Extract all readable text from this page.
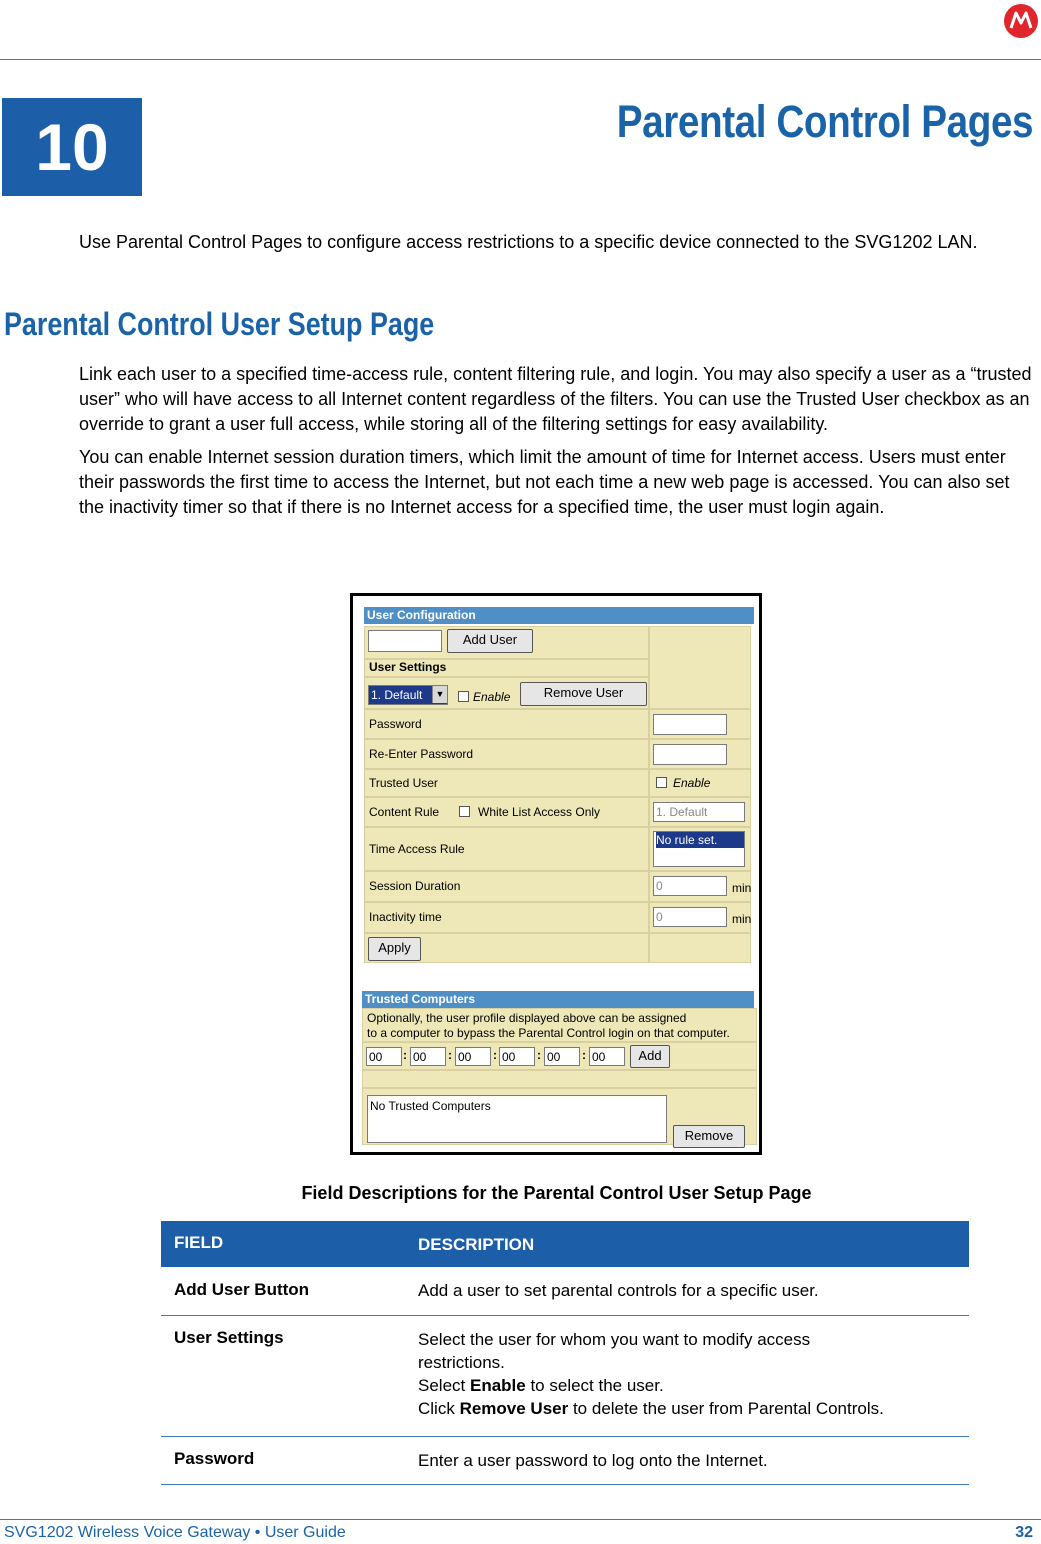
10	Parental Control Pages
Use Parental Control Pages to configure access restrictions to a specific device connected to the SVG1202 LAN.
Parental Control User Setup Page
Link each user to a specified time-access rule, content filtering rule, and login. You may also specify a user as a “trusted user” who will have access to all Internet content regardless of the filters. You can use the Trusted User checkbox as an override to grant a user full access, while storing all of the filtering settings for easy availability.
You can enable Internet session duration timers, which limit the amount of time for Internet access. Users must enter their passwords the first time to access the Internet, but not each time a new web page is accessed. You can also set the inactivity timer so that if there is no Internet access for a specified time, the user must login again.
User Configuration
Add User
User Settings
1. Default	▼ Enable	Remove User
Password
Re-Enter Password
Trusted User	Enable
Content Rule	White List Access Only	1. Default
Time Access Rule
No rule set.
Session Duration	0	min
Inactivity time	0	min
Apply
Trusted Computers
Optionally, the user profile displayed above can be assigned
to a computer to bypass the Parental Control login on that computer.
00	: 00	: 00	: 00	: 00	: 00	Add
No Trusted Computers
Remove
Field Descriptions for the Parental Control User Setup Page
FIELD	DESCRIPTION
Add User Button	Add a user to set parental controls for a specific user.
User Settings	Select the user for whom you want to modify access restrictions.
Select Enable to select the user.
Click Remove User to delete the user from Parental Controls.
Password	Enter a user password to log onto the Internet.
SVG1202 Wireless Voice Gateway • User Guide	32
